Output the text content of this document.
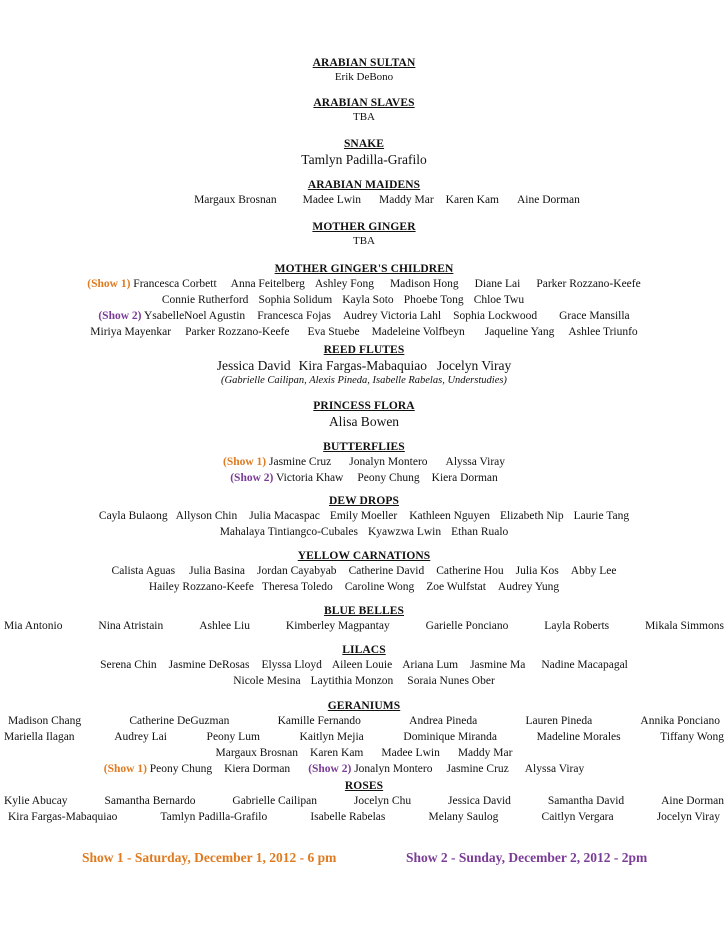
ARABIAN SULTAN
Erik DeBono
ARABIAN SLAVES
TBA
SNAKE
Tamlyn Padilla-Grafilo
ARABIAN MAIDENS
Margaux Brosnan Madee Lwin Maddy Mar Karen Kam Aine Dorman
MOTHER GINGER
TBA
MOTHER GINGER'S CHILDREN
(Show 1) Francesca Corbett Anna Feitelberg Ashley Fong Madison Hong Diane Lai Parker Rozzano-Keefe
Connie Rutherford Sophia Solidum Kayla Soto Phoebe Tong Chloe Twu
(Show 2) YsabelleNoel Agustin Francesca Fojas Audrey Victoria Lahl Sophia Lockwood Grace Mansilla
Miriya Mayenkar Parker Rozzano-Keefe Eva Stuebe Madeleine Volfbeyn Jaqueline Yang Ashlee Triunfo
REED FLUTES
Jessica David Kira Fargas-Mabaquiao Jocelyn Viray
(Gabrielle Cailipan, Alexis Pineda, Isabelle Rabelas, Understudies)
PRINCESS FLORA
Alisa Bowen
BUTTERFLIES
(Show 1) Jasmine Cruz Jonalyn Montero Alyssa Viray
(Show 2) Victoria Khaw Peony Chung Kiera Dorman
DEW DROPS
Cayla Bulaong Allyson Chin Julia Macaspac Emily Moeller Kathleen Nguyen Elizabeth Nip Laurie Tang
Mahalaya Tintiangco-Cubales Kyawzwa Lwin Ethan Rualo
YELLOW CARNATIONS
Calista Aguas Julia Basina Jordan Cayabyab Catherine David Catherine Hou Julia Kos Abby Lee
Hailey Rozzano-Keefe Theresa Toledo Caroline Wong Zoe Wulfstat Audrey Yung
BLUE BELLES
Mia Antonio	Nina Atristain	Ashlee Liu	Kimberley Magpantay	Garielle Ponciano	Layla Roberts	Mikala Simmons
LILACS
Serena Chin Jasmine DeRosas Elyssa Lloyd Aileen Louie Ariana Lum Jasmine Ma Nadine Macapagal
Nicole Mesina Laytithia Monzon Soraia Nunes Ober
GERANIUMS
Madison Chang	Catherine DeGuzman	Kamille Fernando	Andrea Pineda	Lauren Pineda	Annika Ponciano
Mariella Ilagan	Audrey Lai	Peony Lum	Kaitlyn Mejia	Dominique Miranda	Madeline Morales	Tiffany Wong
Margaux Brosnan Karen Kam Madee Lwin Maddy Mar
(Show 1) Peony Chung Kiera Dorman (Show 2) Jonalyn Montero Jasmine Cruz Alyssa Viray
ROSES
Kylie Abucay	Samantha Bernardo	Gabrielle Cailipan	Jocelyn Chu	Jessica David	Samantha David	Aine Dorman
Kira Fargas-Mabaquiao	Tamlyn Padilla-Grafilo	Isabelle Rabelas	Melany Saulog	Caitlyn Vergara	Jocelyn Viray
Show 1 - Saturday, December 1, 2012 - 6 pm	Show 2 - Sunday, December 2, 2012 - 2pm
